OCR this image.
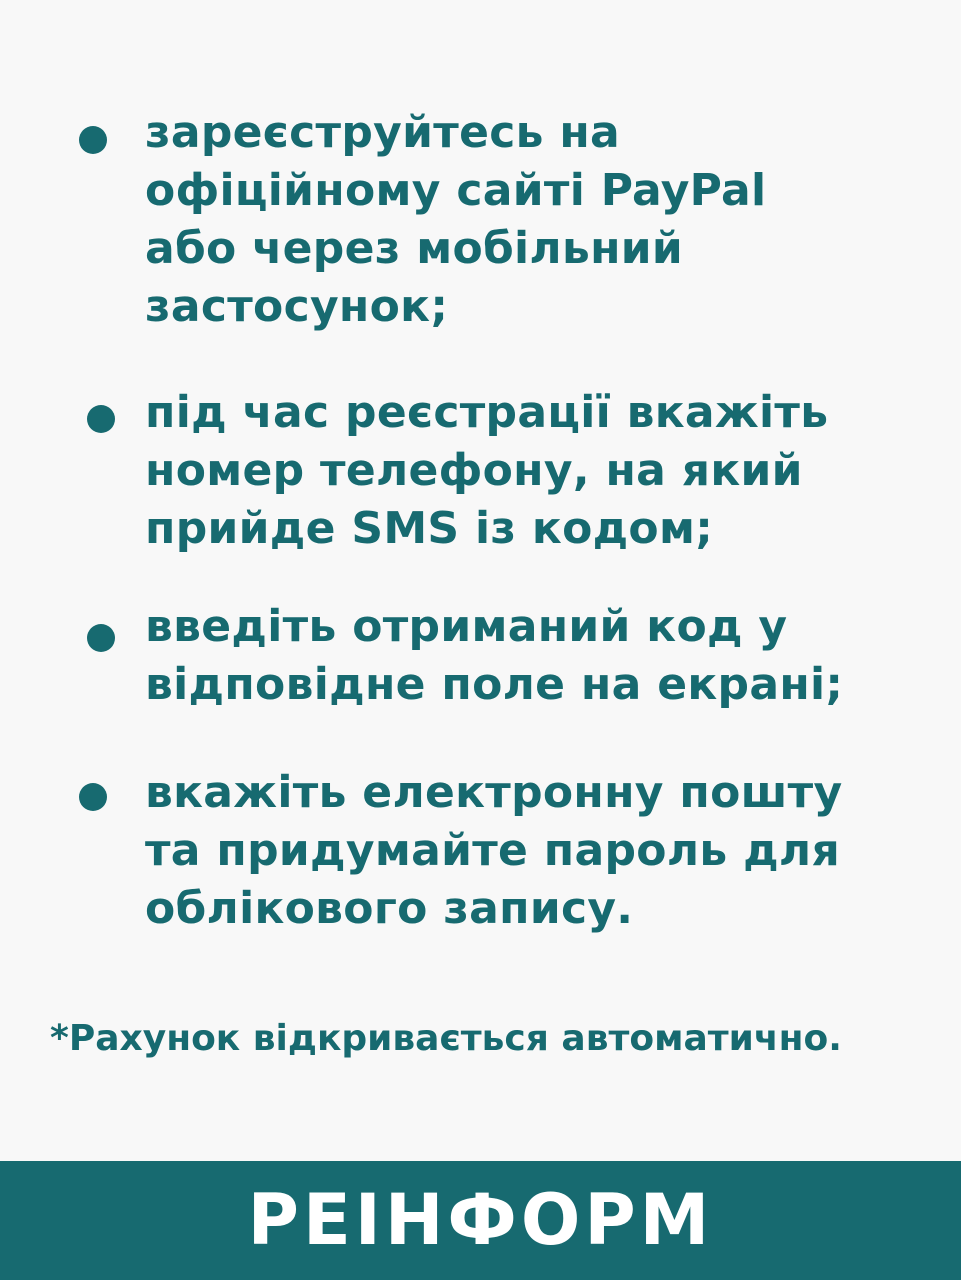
зареєструйтесь на
офіційному сайті PayPal
або через мобільний
застосунок;

під час реєстрації вкажіть
номер телефону, на який
прийде SMS із кодом;

введіть отриманий код у
відповідне поле на екрані;

вкажіть електронну пошту
та придумайте пароль для
облікового запису.

*Рахунок відкривається автоматично.

РЕІНФОРМ
